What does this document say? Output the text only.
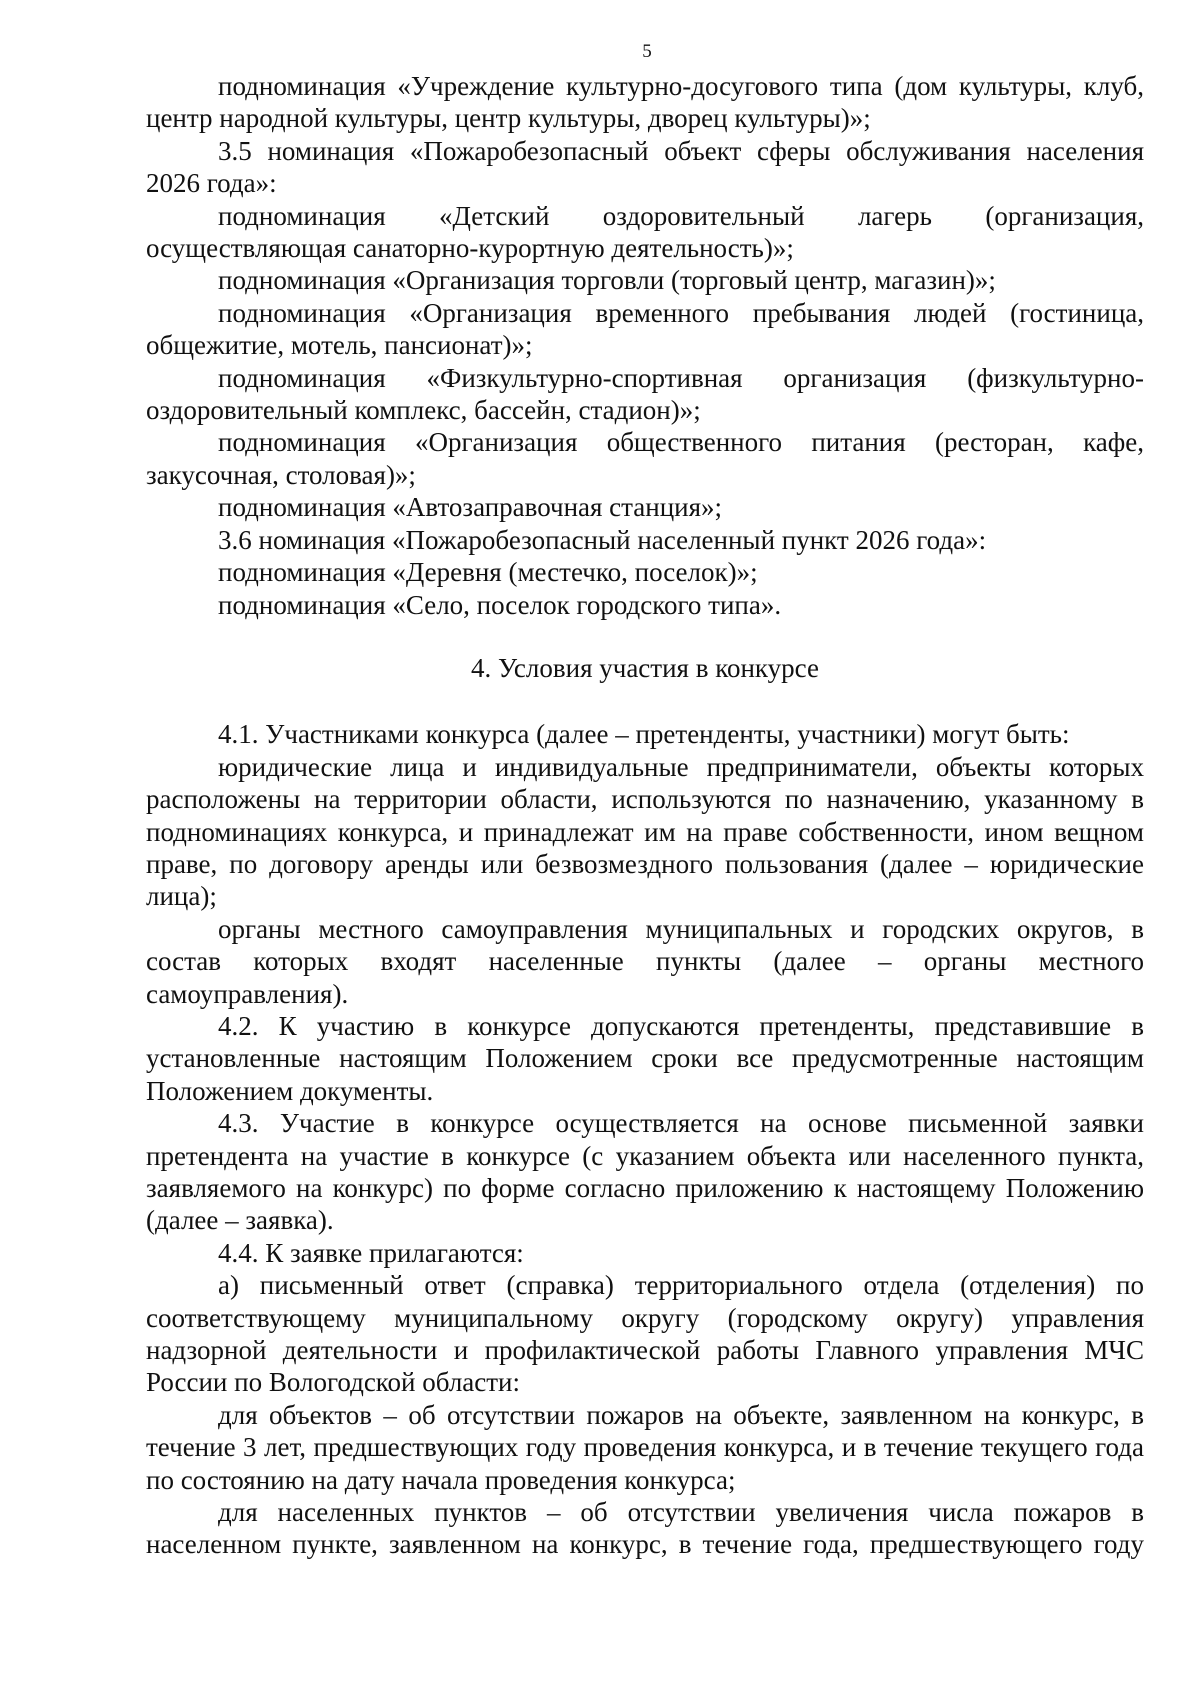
5

подноминация «Учреждение культурно-досугового типа (дом культуры, клуб, центр народной культуры, центр культуры, дворец культуры)»;

3.5 номинация «Пожаробезопасный объект сферы обслуживания населения 2026 года»:

подноминация «Детский оздоровительный лагерь (организация, осуществляющая санаторно-курортную деятельность)»;

подноминация «Организация торговли (торговый центр, магазин)»;

подноминация «Организация временного пребывания людей (гостиница, общежитие, мотель, пансионат)»;

подноминация «Физкультурно-спортивная организация (физкультурно-оздоровительный комплекс, бассейн, стадион)»;

подноминация «Организация общественного питания (ресторан, кафе, закусочная, столовая)»;

подноминация «Автозаправочная станция»;

3.6 номинация «Пожаробезопасный населенный пункт 2026 года»:

подноминация «Деревня (местечко, поселок)»;

подноминация «Село, поселок городского типа».

4. Условия участия в конкурсе

4.1. Участниками конкурса (далее – претенденты, участники) могут быть:

юридические лица и индивидуальные предприниматели, объекты которых расположены на территории области, используются по назначению, указанному в подноминациях конкурса, и принадлежат им на праве собственности, ином вещном праве, по договору аренды или безвозмездного пользования (далее – юридические лица);

органы местного самоуправления муниципальных и городских округов, в состав которых входят населенные пункты (далее – органы местного самоуправления).

4.2. К участию в конкурсе допускаются претенденты, представившие в установленные настоящим Положением сроки все предусмотренные настоящим Положением документы.

4.3. Участие в конкурсе осуществляется на основе письменной заявки претендента на участие в конкурсе (с указанием объекта или населенного пункта, заявляемого на конкурс) по форме согласно приложению к настоящему Положению (далее – заявка).

4.4. К заявке прилагаются:

а) письменный ответ (справка) территориального отдела (отделения) по соответствующему муниципальному округу (городскому округу) управления надзорной деятельности и профилактической работы Главного управления МЧС России по Вологодской области:

для объектов – об отсутствии пожаров на объекте, заявленном на конкурс, в течение 3 лет, предшествующих году проведения конкурса, и в течение текущего года по состоянию на дату начала проведения конкурса;

для населенных пунктов – об отсутствии увеличения числа пожаров в населенном пункте, заявленном на конкурс, в течение года, предшествующего году
